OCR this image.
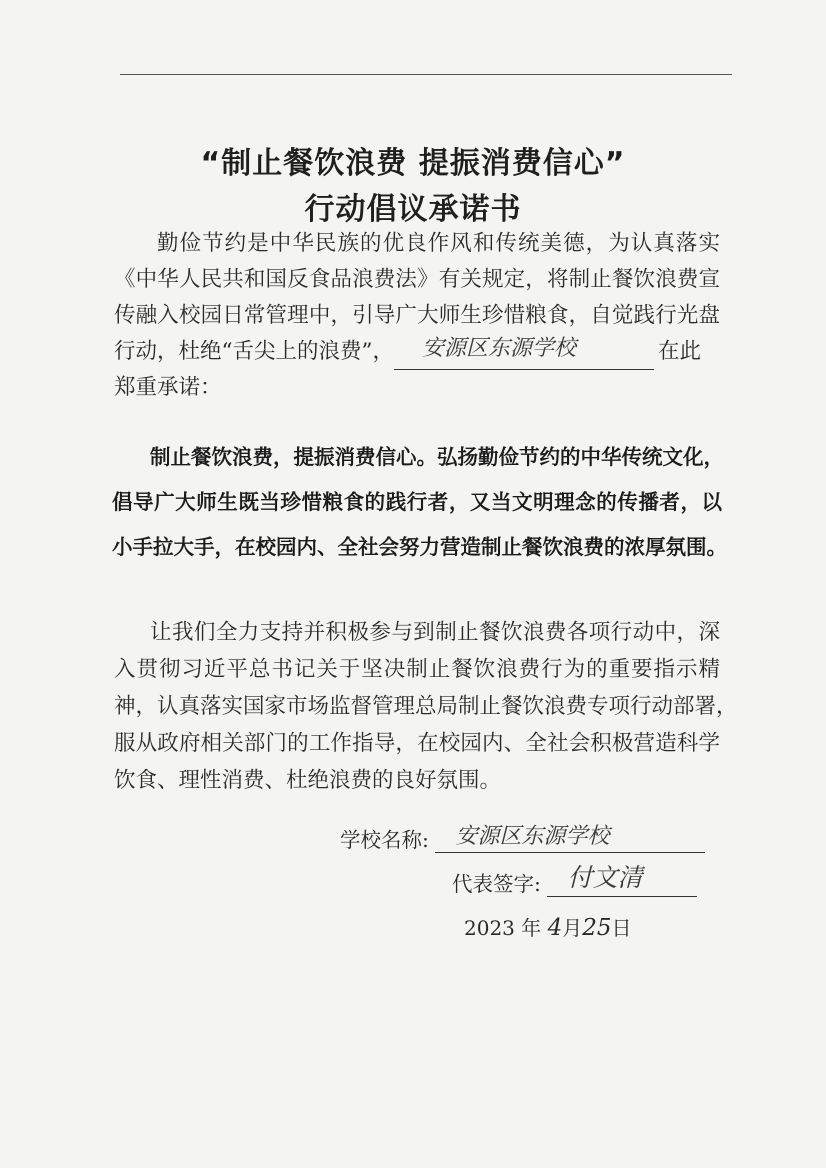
“制止餐饮浪费 提振消费信心”
行动倡议承诺书
勤俭节约是中华民族的优良作风和传统美德，为认真落实
《中华人民共和国反食品浪费法》有关规定，将制止餐饮浪费宣
传融入校园日常管理中，引导广大师生珍惜粮食，自觉践行光盘
行动，杜绝“舌尖上的浪费”， 安源区东源学校	在此
郑重承诺：
制止餐饮浪费，提振消费信心。弘扬勤俭节约的中华传统文化，
倡导广大师生既当珍惜粮食的践行者，又当文明理念的传播者，以
小手拉大手，在校园内、全社会努力营造制止餐饮浪费的浓厚氛围。
让我们全力支持并积极参与到制止餐饮浪费各项行动中，深
入贯彻习近平总书记关于坚决制止餐饮浪费行为的重要指示精
神，认真落实国家市场监督管理总局制止餐饮浪费专项行动部署，
服从政府相关部门的工作指导，在校园内、全社会积极营造科学
饮食、理性消费、杜绝浪费的良好氛围。
学校名称: 安源区东源学校
代表签字: 付文清
2023 年 4月25日
